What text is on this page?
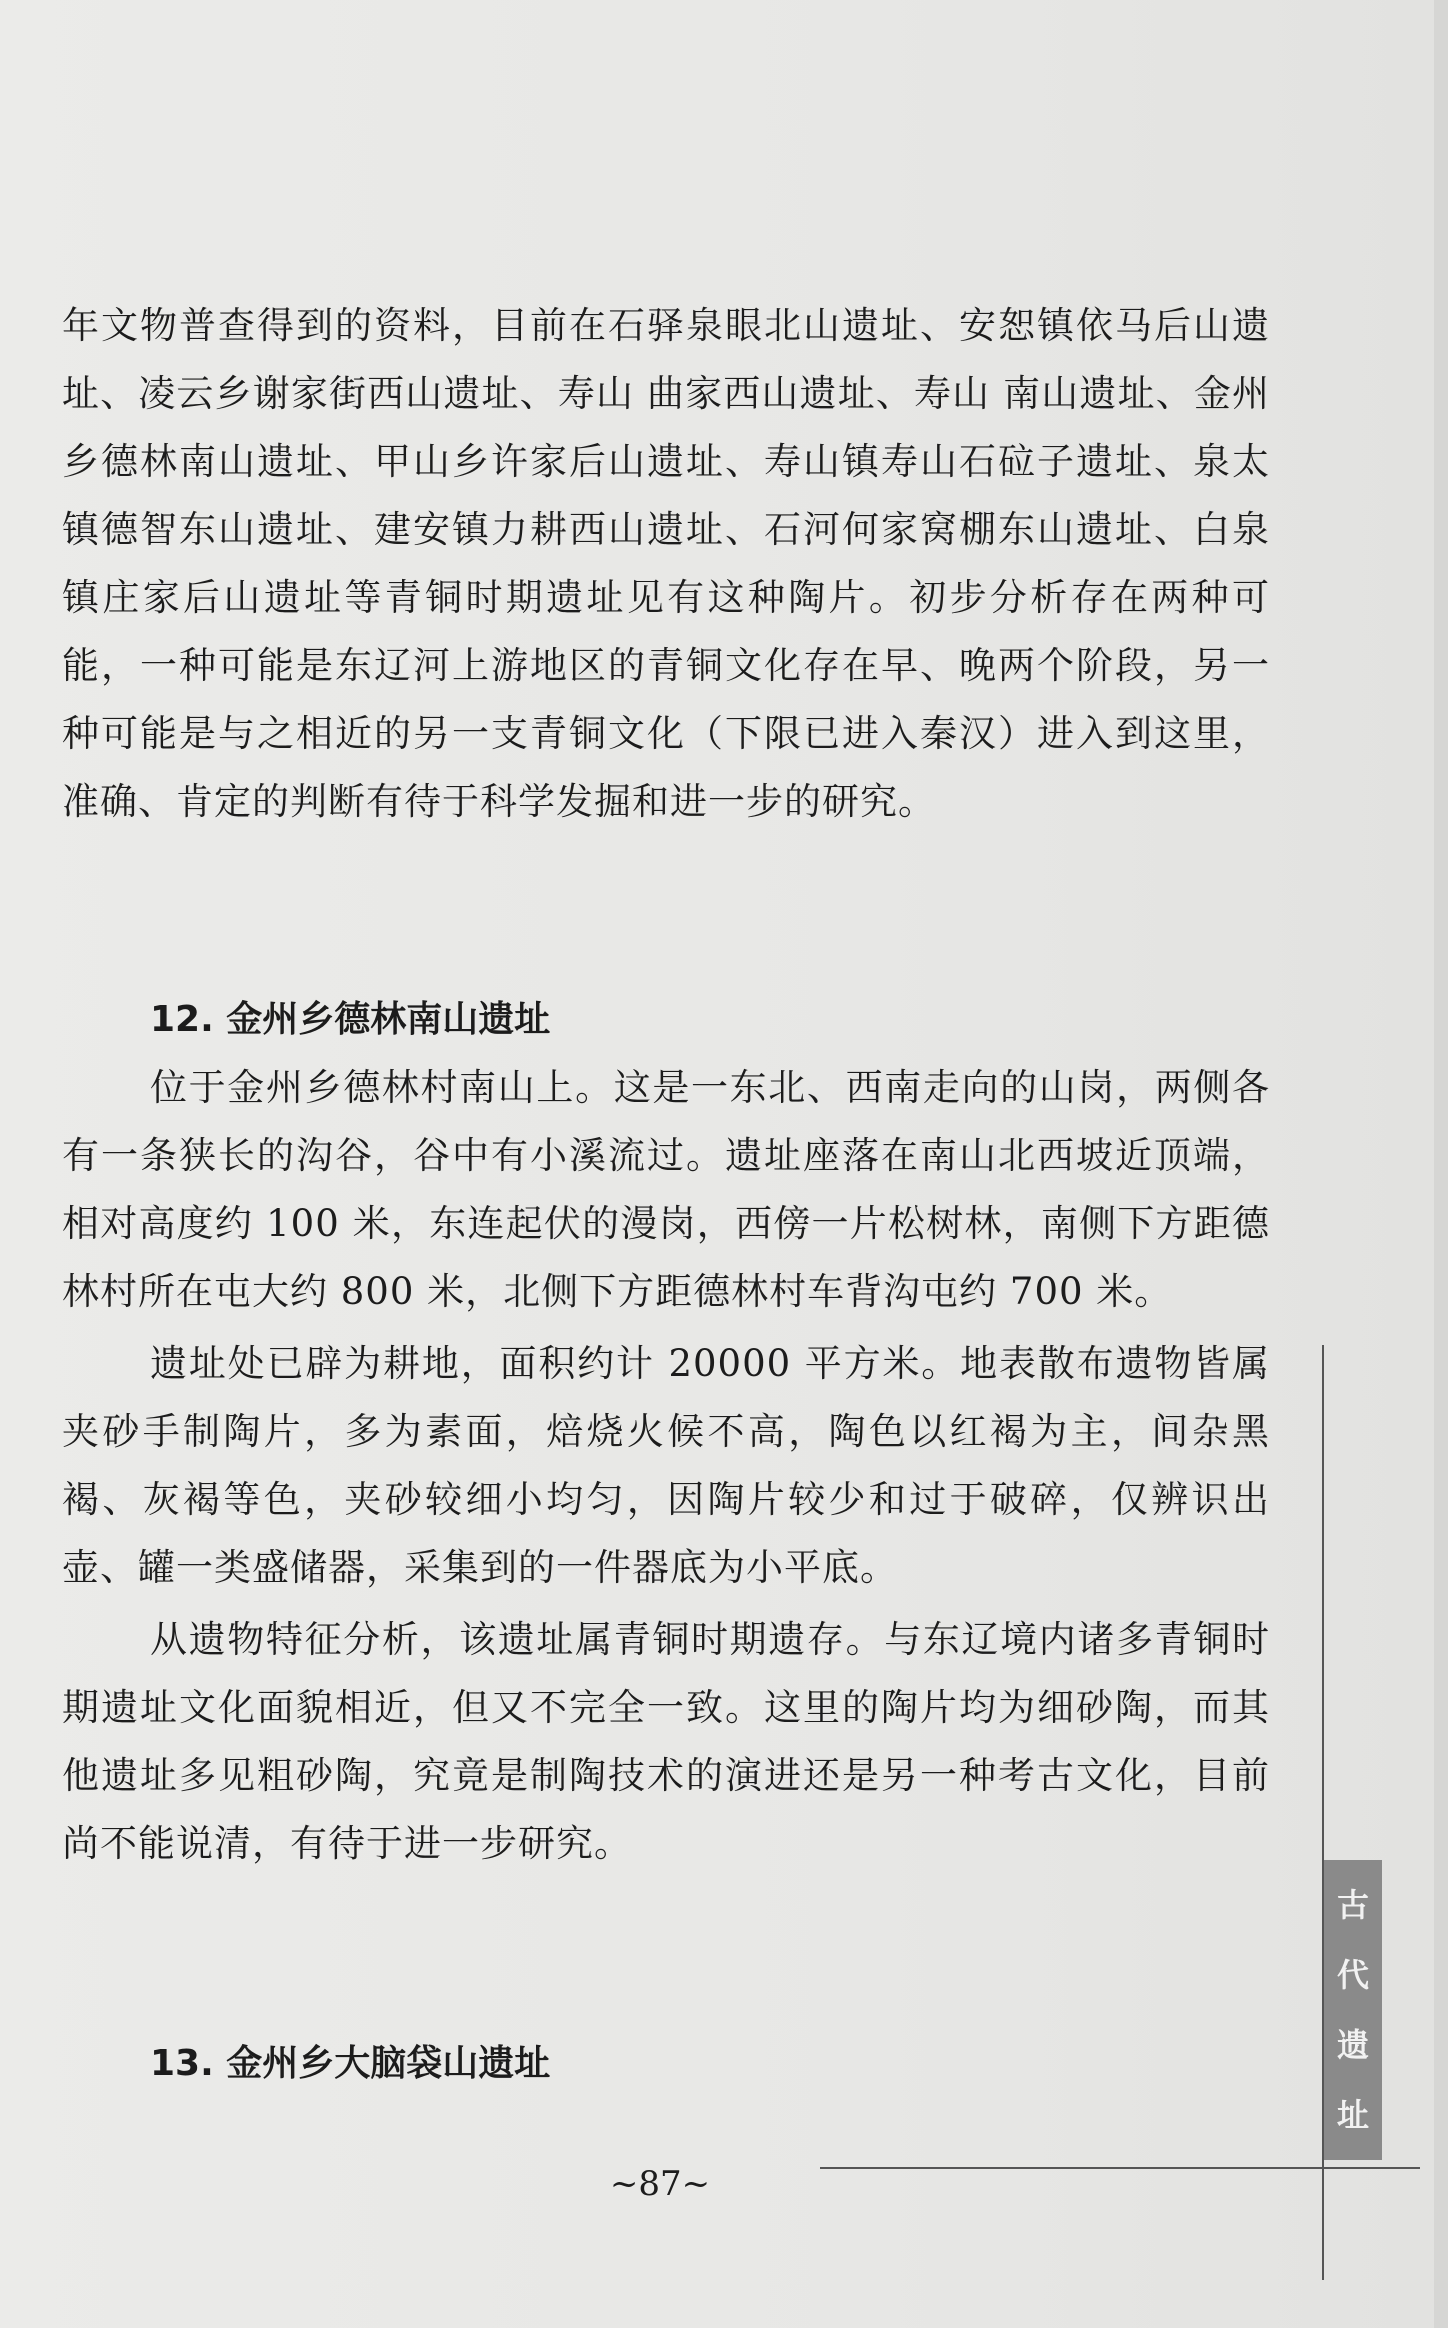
年文物普查得到的资料，目前在石驿泉眼北山遗址、安恕镇依马后山遗址、凌云乡谢家街西山遗址、寿山 曲家西山遗址、寿山 南山遗址、金州乡德林南山遗址、甲山乡许家后山遗址、寿山镇寿山石砬子遗址、泉太镇德智东山遗址、建安镇力耕西山遗址、石河何家窝棚东山遗址、白泉镇庄家后山遗址等青铜时期遗址见有这种陶片。初步分析存在两种可能，一种可能是东辽河上游地区的青铜文化存在早、晚两个阶段，另一种可能是与之相近的另一支青铜文化（下限已进入秦汉）进入到这里，准确、肯定的判断有待于科学发掘和进一步的研究。

12. 金州乡德林南山遗址

位于金州乡德林村南山上。这是一东北、西南走向的山岗，两侧各有一条狭长的沟谷，谷中有小溪流过。遗址座落在南山北西坡近顶端，相对高度约 100 米，东连起伏的漫岗，西傍一片松树林，南侧下方距德林村所在屯大约 800 米，北侧下方距德林村车背沟屯约 700 米。

遗址处已辟为耕地，面积约计 20000 平方米。地表散布遗物皆属夹砂手制陶片，多为素面，焙烧火候不高，陶色以红褐为主，间杂黑褐、灰褐等色，夹砂较细小均匀，因陶片较少和过于破碎，仅辨识出壶、罐一类盛储器，采集到的一件器底为小平底。

从遗物特征分析，该遗址属青铜时期遗存。与东辽境内诸多青铜时期遗址文化面貌相近，但又不完全一致。这里的陶片均为细砂陶，而其他遗址多见粗砂陶，究竟是制陶技术的演进还是另一种考古文化，目前尚不能说清，有待于进一步研究。

13. 金州乡大脑袋山遗址
~87~
古
代
遗
址
